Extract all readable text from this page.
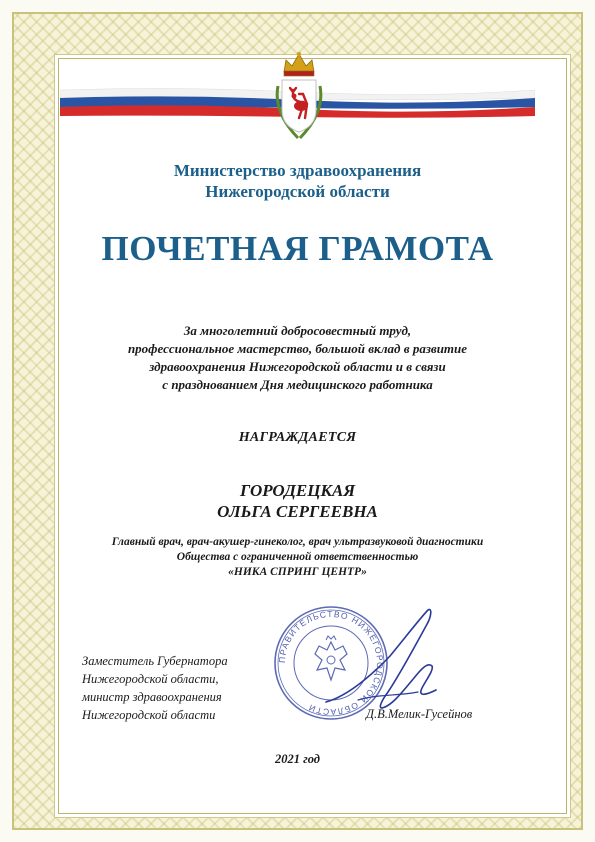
Министерство здравоохранения
Нижегородской области
ПОЧЕТНАЯ ГРАМОТА
За многолетний добросовестный труд,
профессиональное мастерство, большой вклад в развитие
здравоохранения Нижегородской области и в связи
с празднованием Дня медицинского работника
НАГРАЖДАЕТСЯ
ГОРОДЕЦКАЯ
ОЛЬГА СЕРГЕЕВНА
Главный врач, врач-акушер-гинеколог, врач ультразвуковой диагностики
Общества с ограниченной ответственностью
«НИКА СПРИНГ ЦЕНТР»
ПРАВИТЕЛЬСТВО НИЖЕГОРОДСКОЙ ОБЛАСТИ
Заместитель Губернатора
Нижегородской области,
министр здравоохранения
Нижегородской области	Д.В.Мелик-Гусейнов
2021 год
